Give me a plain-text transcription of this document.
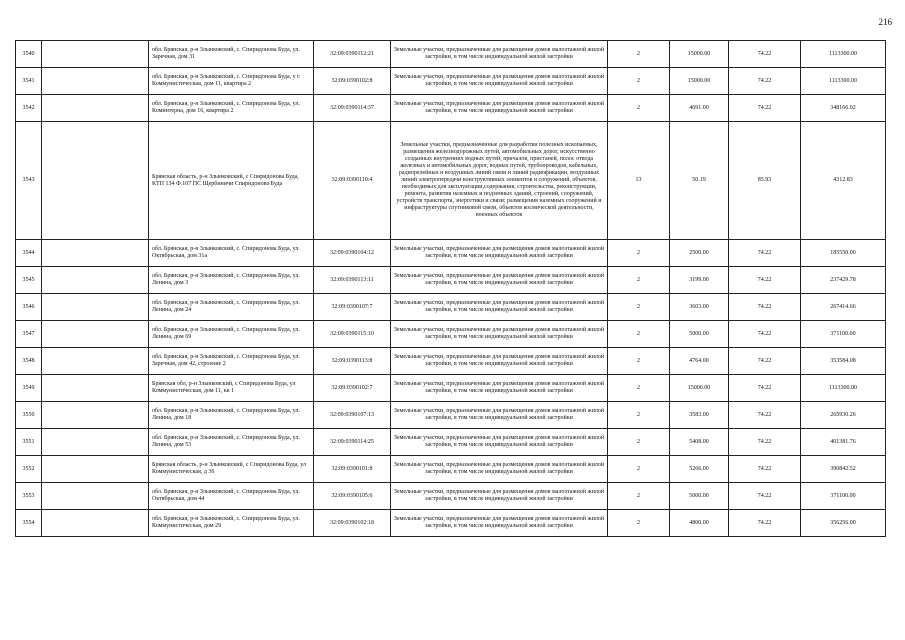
216
3540		обл. Брянская, р-н Злынковский, с. Спиридонова Буда, ул. Заречная, дом 31	32:09:0390112:21	Земельные участки, предназначенные для размещения домов малоэтажной жилой застройки, в том числе индивидуальной жилой застройки	2	15000.00	74.22	1113300.00
3541		обл. Брянская, р-н Злынковский, с. Спиридонова Буда, у г. Коммунистическая, дом 11, квартира 2	32:09:0390102:8	Земельные участки, предназначенные для размещения домов малоэтажной жилой застройки, в том числе индивидуальной жилой застройки	2	15000.00	74.22	1113300.00
3542		обл. Брянская, р-н Злынковский, с. Спиридонова Буда, ул. Коминтерна, дом 16, квартира 2	32:09:0390114:37	Земельные участки, предназначенные для размещения домов малоэтажной жилой застройки, в том числе индивидуальной жилой застройки	2	4691.00	74.22	348166.02
3543		Брянская область, р-н Злынковский, с Спиридонова Буда, КТП 134 Ф.107 ПС Щербиничи Спиридонова Буда	32:09:0390110:4	Земельные участки, предназначенные для разработки полезных ископаемых, размещения железнодорожных путей, автомобильных дорог, искусственно созданных внутренних водных путей, причалов, пристаней, полос отвода железных и автомобильных дорог, водных путей, трубопроводов, кабельных, радиорелейных и воздушных линий связи и линий радиофикации, воздушных линий электропередачи конструктивных элементов и сооружений, объектов, необходимых для эксплуатации,содержания, строительства, реконструкции, ремонта, развития наземных и подземных зданий, строений, сооружений, устройств транспорта, энергетики и связи; размещения наземных сооружений и инфраструктуры спутниковой связи, объектов космической деятельности, военных объектов	13	50.19	85.93	4312.83
3544		обл. Брянская, р-н Злынковский, с. Спиридонова Буда, ул. Октябрьская, дом 31а	32:09:0390104:12	Земельные участки, предназначенные для размещения домов малоэтажной жилой застройки, в том числе индивидуальной жилой застройки	2	2500.00	74.22	185550.00
3545		обл. Брянская, р-н Злынковский, с. Спиридонова Буда, ул. Ленина, дом 3	32:09:0390113:11	Земельные участки, предназначенные для размещения домов малоэтажной жилой застройки, в том числе индивидуальной жилой застройки	2	3199.00	74.22	237429.78
3546		обл. Брянская, р-н Злынковский, с. Спиридонова Буда, ул. Ленина, дом 24	32:09:0390107:7	Земельные участки, предназначенные для размещения домов малоэтажной жилой застройки, в том числе индивидуальной жилой застройки	2	3603.00	74.22	267414.66
3547		обл. Брянская, р-н Злынковский, с. Спиридонова Буда, ул. Ленина, дом 69	32:09:0390115:10	Земельные участки, предназначенные для размещения домов малоэтажной жилой застройки, в том числе индивидуальной жилой застройки	2	5000.00	74.22	371100.00
3548		обл. Брянская, р-н Злынковский, с. Спиридонова Буда, ул. Заречная, дом 42, строение 2	32:09:0390113:8	Земельные участки, предназначенные для размещения домов малоэтажной жилой застройки, в том числе индивидуальной жилой застройки	2	4764.00	74.22	353584.08
3549		Брянская обл, р-н Злынковский, с Спиридонова Буда, ул Коммунистическая, дом 11, кв 1	32:09:0390102:7	Земельные участки, предназначенные для размещения домов малоэтажной жилой застройки, в том числе индивидуальной жилой застройки	2	15000.00	74.22	1113300.00
3550		обл. Брянская, р-н Злынковский, с. Спиридонова Буда, ул. Ленина, дом 18	32:09:0390107:13	Земельные участки, предназначенные для размещения домов малоэтажной жилой застройки, в том числе индивидуальной жилой застройки	2	3583.00	74.22	265930.26
3551		обл. Брянская, р-н Злынковский, с. Спиридонова Буда, ул. Ленина, дом 53	32:09:0390114:25	Земельные участки, предназначенные для размещения домов малоэтажной жилой застройки, в том числе индивидуальной жилой застройки	2	5408.00	74.22	401381.76
3552		Брянская область, р-н Злынковский, с Спиридонова Буда, ул Коммунистическая, д 36	32:09:0390101:8	Земельные участки, предназначенные для размещения домов малоэтажной жилой застройки, в том числе индивидуальной жилой застройки	2	5266.00	74.22	390842.52
3553		обл. Брянская, р-н Злынковский, с. Спиридонова Буда, ул. Октябрьская, дом 44	32:09:0390105:6	Земельные участки, предназначенные для размещения домов малоэтажной жилой застройки, в том числе индивидуальной жилой застройки	2	5000.00	74.22	371100.00
3554		обл. Брянская, р-н Злынковский, с. Спиридонова Буда, ул. Коммунистическая, дом 29	32:09:0390102:18	Земельные участки, предназначенные для размещения домов малоэтажной жилой застройки, в том числе индивидуальной жилой застройки	2	4800.00	74.22	356256.00
